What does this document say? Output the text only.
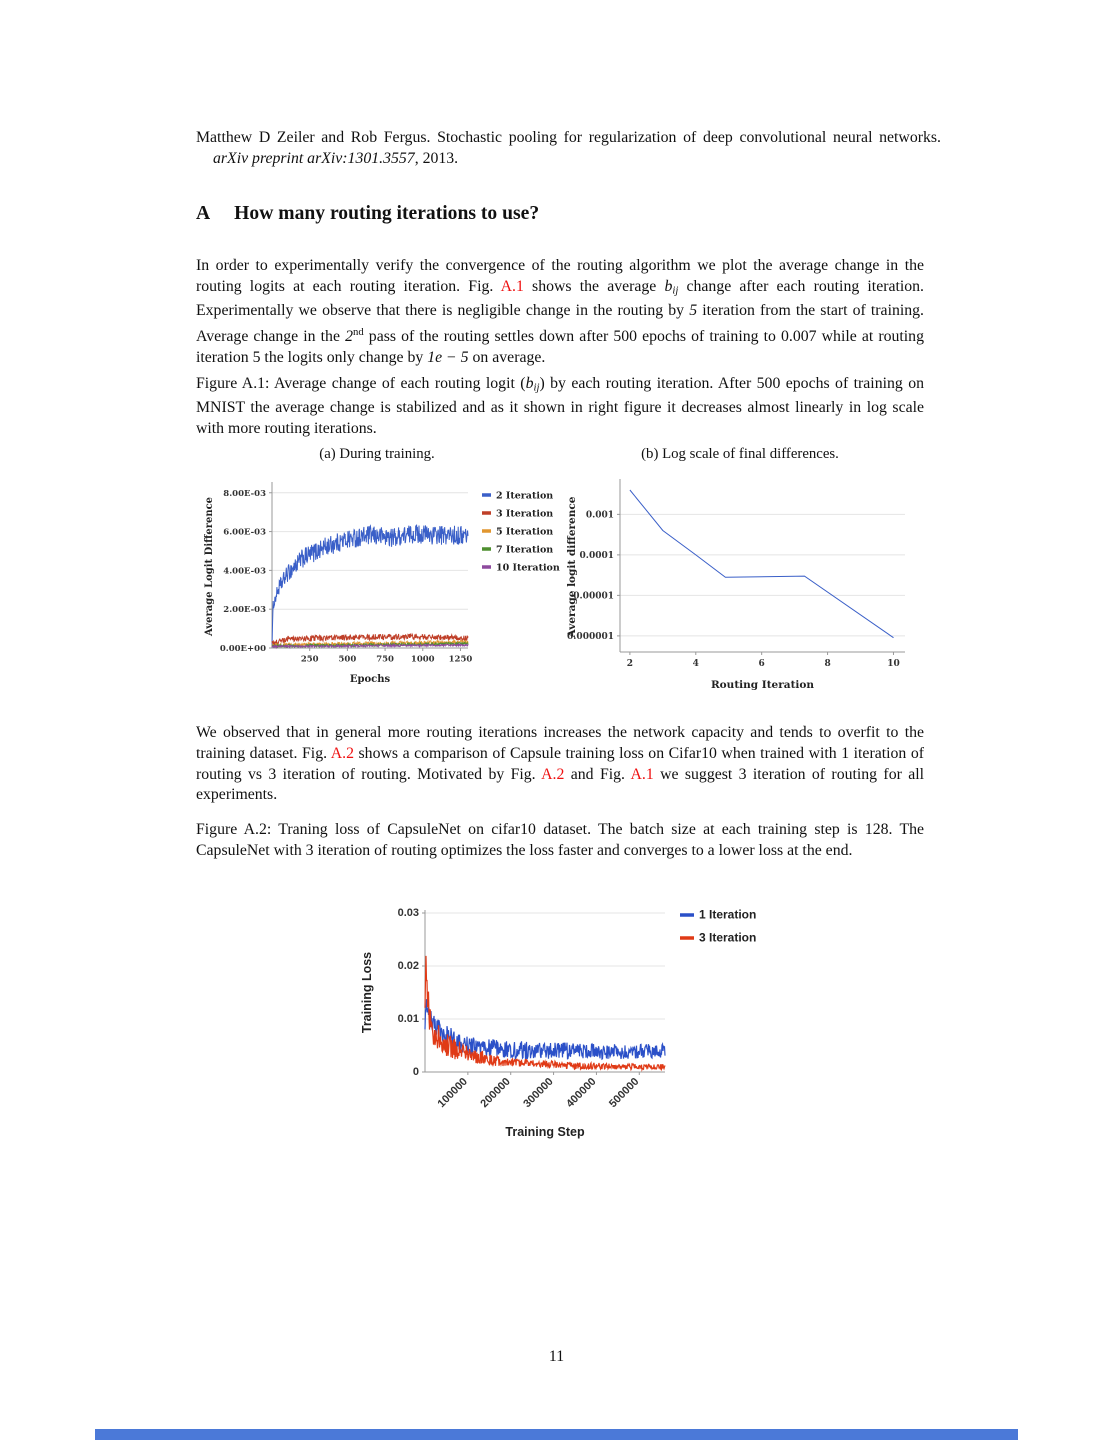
Matthew D Zeiler and Rob Fergus. Stochastic pooling for regularization of deep convolutional neural networks. arXiv preprint arXiv:1301.3557, 2013.

A How many routing iterations to use?

In order to experimentally verify the convergence of the routing algorithm we plot the average change in the routing logits at each routing iteration. Fig. A.1 shows the average bij change after each routing iteration. Experimentally we observe that there is negligible change in the routing by 5 iteration from the start of training. Average change in the 2nd pass of the routing settles down after 500 epochs of training to 0.007 while at routing iteration 5 the logits only change by 1e − 5 on average.

Figure A.1: Average change of each routing logit (bij) by each routing iteration. After 500 epochs of training on MNIST the average change is stabilized and as it shown in right figure it decreases almost linearly in log scale with more routing iterations.

(a) During training.	(b) Log scale of final differences.
0.00E+00
2.00E-03
4.00E-03
6.00E-03
8.00E-03
250 500 750 1000 1250
Average Logit Difference
Epochs
2 Iteration
3 Iteration
5 Iteration
7 Iteration
10 Iteration
0.001
0.0001
0.00001
0.000001
2	4	6	8	10
Average logit difference
Routing Iteration

We observed that in general more routing iterations increases the network capacity and tends to overfit to the training dataset. Fig. A.2 shows a comparison of Capsule training loss on Cifar10 when trained with 1 iteration of routing vs 3 iteration of routing. Motivated by Fig. A.2 and Fig. A.1 we suggest 3 iteration of routing for all experiments.

Figure A.2: Traning loss of CapsuleNet on cifar10 dataset. The batch size at each training step is 128. The CapsuleNet with 3 iteration of routing optimizes the loss faster and converges to a lower loss at the end.

0
0.01
0.02
0.03
100000 200000 300000 400000 500000
Training Loss
Training Step
1 Iteration
3 Iteration
11
